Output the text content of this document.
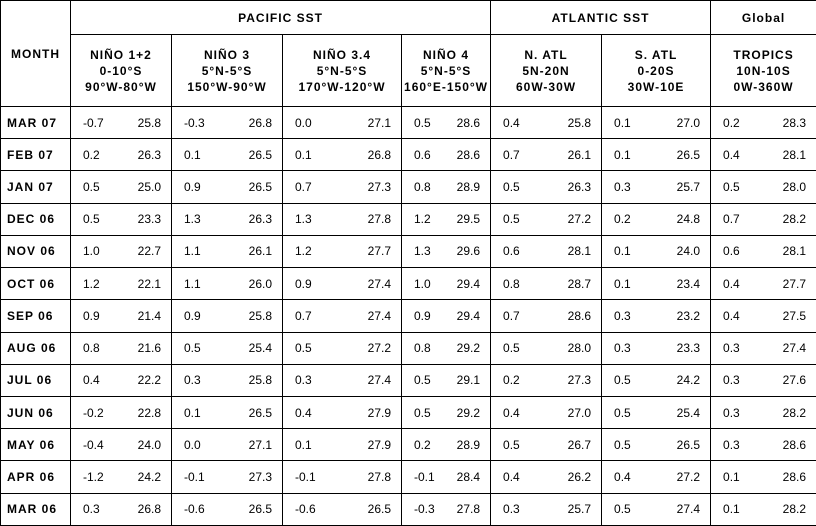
MONTH	PACIFIC SST				ATLANTIC SST		Global

	NIÑO 1+2
0-10°S
90°W-80°W	NIÑO 3
5°N-5°S
150°W-90°W	NIÑO 3.4
5°N-5°S
170°W-120°W	NIÑO 4
5°N-5°S
160°E-150°W	N. ATL
5N-20N
60W-30W	S. ATL
0-20S
30W-10E	TROPICS
10N-10S
0W-360W

MAR 07	-0.7 25.8	-0.3 26.8	0.0 27.1	0.5 28.6	0.4 25.8	0.1 27.0	0.2 28.3

FEB 07	0.2 26.3	0.1 26.5	0.1 26.8	0.6 28.6	0.7 26.1	0.1 26.5	0.4 28.1

JAN 07	0.5 25.0	0.9 26.5	0.7 27.3	0.8 28.9	0.5 26.3	0.3 25.7	0.5 28.0

DEC 06	0.5 23.3	1.3 26.3	1.3 27.8	1.2 29.5	0.5 27.2	0.2 24.8	0.7 28.2

NOV 06	1.0 22.7	1.1 26.1	1.2 27.7	1.3 29.6	0.6 28.1	0.1 24.0	0.6 28.1

OCT 06	1.2 22.1	1.1 26.0	0.9 27.4	1.0 29.4	0.8 28.7	0.1 23.4	0.4 27.7

SEP 06	0.9 21.4	0.9 25.8	0.7 27.4	0.9 29.4	0.7 28.6	0.3 23.2	0.4 27.5

AUG 06	0.8 21.6	0.5 25.4	0.5 27.2	0.8 29.2	0.5 28.0	0.3 23.3	0.3 27.4

JUL 06	0.4 22.2	0.3 25.8	0.3 27.4	0.5 29.1	0.2 27.3	0.5 24.2	0.3 27.6

JUN 06	-0.2 22.8	0.1 26.5	0.4 27.9	0.5 29.2	0.4 27.0	0.5 25.4	0.3 28.2

MAY 06	-0.4 24.0	0.0 27.1	0.1 27.9	0.2 28.9	0.5 26.7	0.5 26.5	0.3 28.6

APR 06	-1.2 24.2	-0.1 27.3	-0.1 27.8	-0.1 28.4	0.4 26.2	0.4 27.2	0.1 28.6

MAR 06	0.3 26.8	-0.6 26.5	-0.6 26.5	-0.3 27.8	0.3 25.7	0.5 27.4	0.1 28.2
